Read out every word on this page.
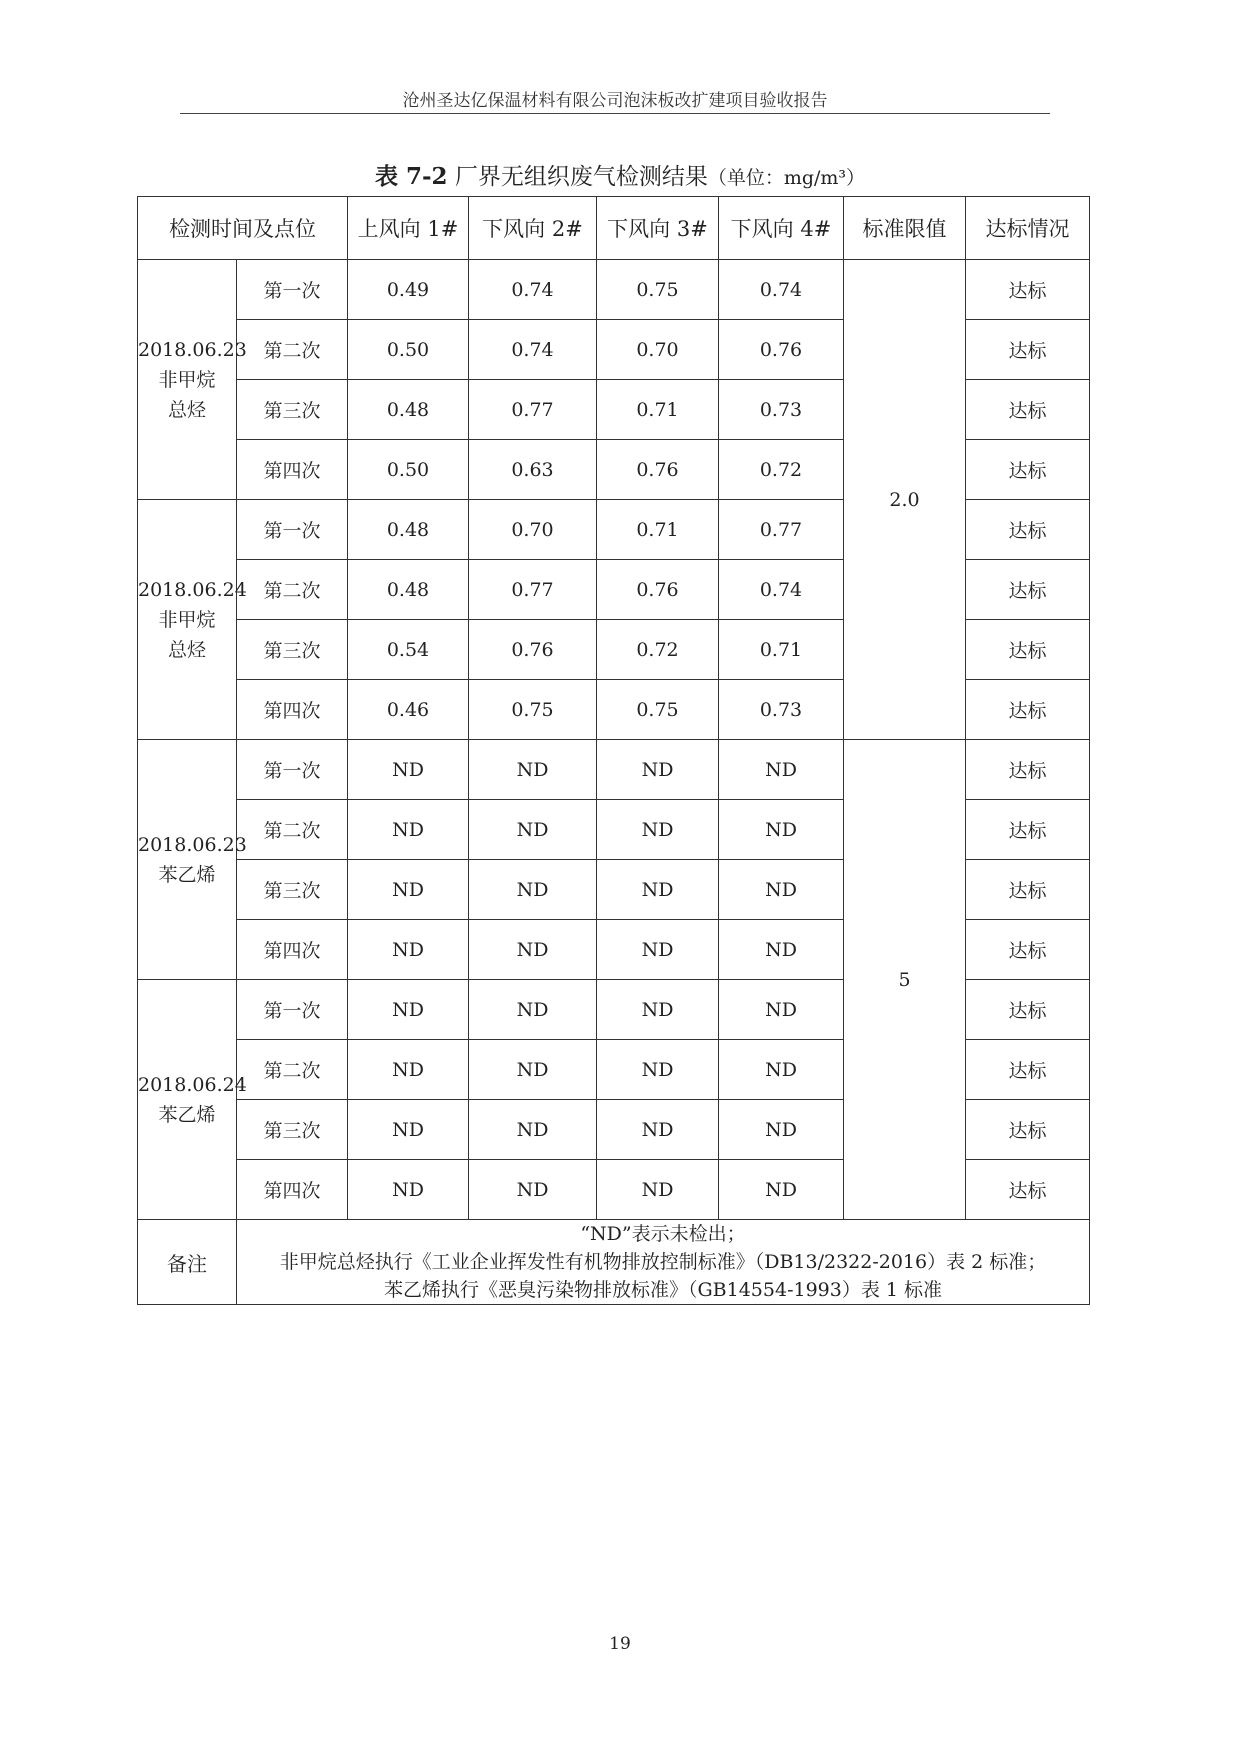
沧州圣达亿保温材料有限公司泡沫板改扩建项目验收报告
表 7-2 厂界无组织废气检测结果（单位：mg/m³）
检测时间及点位		上风向 1#	下风向 2#	下风向 3#	下风向 4#	标准限值	达标情况

2018.06.23
非甲烷
总烃	第一次	0.49	0.74	0.75	0.74	2.0	达标
	第二次	0.50	0.74	0.70	0.76		达标
	第三次	0.48	0.77	0.71	0.73		达标
	第四次	0.50	0.63	0.76	0.72		达标

2018.06.24
非甲烷
总烃	第一次	0.48	0.70	0.71	0.77		达标
	第二次	0.48	0.77	0.76	0.74		达标
	第三次	0.54	0.76	0.72	0.71		达标
	第四次	0.46	0.75	0.75	0.73		达标

2018.06.23
苯乙烯	第一次	ND	ND	ND	ND	5	达标
	第二次	ND	ND	ND	ND		达标
	第三次	ND	ND	ND	ND		达标
	第四次	ND	ND	ND	ND		达标

2018.06.24
苯乙烯	第一次	ND	ND	ND	ND		达标
	第二次	ND	ND	ND	ND		达标
	第三次	ND	ND	ND	ND		达标
	第四次	ND	ND	ND	ND		达标
备注	“ND”表示未检出；
非甲烷总烃执行《工业企业挥发性有机物排放控制标准》（DB13/2322-2016）表 2 标准；
苯乙烯执行《恶臭污染物排放标准》（GB14554-1993）表 1 标准						
19
